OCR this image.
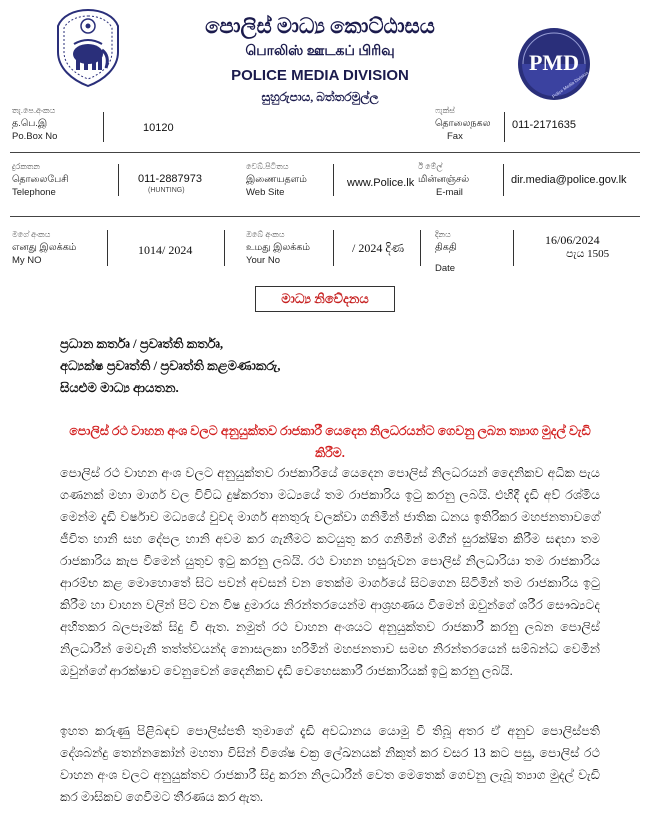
පොලිස් මාධ්‍ය කොට්ඨාසය
பொலிஸ் ஊடகப் பிரிவு
POLICE MEDIA DIVISION
සුහුරුපාය, බත්තරමුල්ල
PMD
Police Media Division
තැ.පෙ.අංකය
த.பெ.இ
Po.Box No
10120
ෆැක්ස්
தொலைநகல
Fax
011-2171635
දුරකතන
தொலைபேசி
Telephone
011-2887973
(HUNTING)
වෙබ්.පිටිතය
இணையதளம்
Web Site
www.Police.lk
ඊ මේල්
மின்னஞ்சல்
E-mail
dir.media@police.gov.lk
මගේ අංකය
எனது இலக்கம்
My NO
1014/ 2024
ඔබේ අංකය
உமது இலக்கம்
Your No
/ 2024 දිණ
දිනය
திகதி
Date
16/06/2024
පැය 1505
මාධ්‍ය නිවේදනය
ප්‍රධාන කර්තෘ / ප්‍රවෘත්ති කර්තෘ,
අධ්‍යක්ෂ ප්‍රවෘත්ති / ප්‍රවෘත්ති කළමණාකරු,
සියළුම මාධ්‍ය ආයතන.
පොලිස් රථ වාහන අංශ වලට අනුයුක්තව රාජකාරී යෙදෙන නිලධරයන්ට ගෙවනු ලබන ත්‍යාග මුදල් වැඩි කිරීම.
පොලිස් රථ වාහන අංශ වලට අනුයුක්තව රාජකාරියේ යෙදෙන පොලිස් නිලධරයන් දෛනිකව අධික පැය ගණනක් මහා මාර්ග වල විවිධ දුෂ්කරතා මධ්‍යයේ තම රාජකාරිය ඉටු කරනු ලබයි. එහිදී දැඩි අව් රශ්මිය මෙන්ම දැඩි වර්ෂාව මධ්‍යයේ වුවද මාර්ග අනතුරු වලක්වා ගනිමින් ජාතික ධනය ඉතිරිකර මහජනතාවගේ ජීවිත හානි සහ දේපල හානි අවම කර ගැනීමට කටයුතු කර ගනිමින් මගීන් සුරක්ෂිත කිරීම සඳහා තම රාජකාරිය කැප වීමෙන් යුතුව ඉටු කරනු ලබයි. රථ වාහන හසුරුවන පොලිස් නිලධාරියා තම රාජකාරිය ආරම්භ කළ මොහොතේ සිට පවන් අවසන් වන තෙක්ම මාර්ගයේ සිටගෙන සිටිමින් තම රාජකාරිය ඉටු කිරීම හා වාහන වලින් පිට වන විෂ දුමාරය නිරන්තරයෙන්ම ආශ්‍රහණය වීමෙන් ඔවුන්ගේ ශරීර සෞඛ්‍යටද අහිතකර බලපෑමක් සිදු වී ඇත. නමුත් රථ වාහන අංශයට අනුයුක්තව රාජකාරී කරනු ලබන පොලිස් නිලධාරීන් මෙවැනි තත්ත්වයන්ද නොසලකා හරිමින් මහජනතාව සමඟ නිරන්තරයෙන් සම්බන්ධ වෙමින් ඔවුන්ගේ ආරක්ෂාව වෙනුවෙන් දෛනිකව දැඩි වෙහෙසකාරී රාජකාරියක් ඉටු කරනු ලබයි.
ඉහත කරුණු පිළිබඳව පොලිස්පති තුමාගේ දැඩි අවධානය යොමු වී තිබූ අතර ඒ අනුව පොලිස්පති දේශබන්දු තෙන්නකෝන් මහතා විසින් විශේෂ චක්‍ර ලේඛනයක් නිකුත් කර වසර 13 කට පසු, පොලිස් රථ වාහන අංශ වලට අනුයුක්තව රාජකාරී සිදු කරන නිලධාරීන් වෙත මෙතෙක් ගෙවනු ලැබූ ත්‍යාග මුදල් වැඩි කර මාසිකව ගෙවීමට තීරණය කර ඇත.
